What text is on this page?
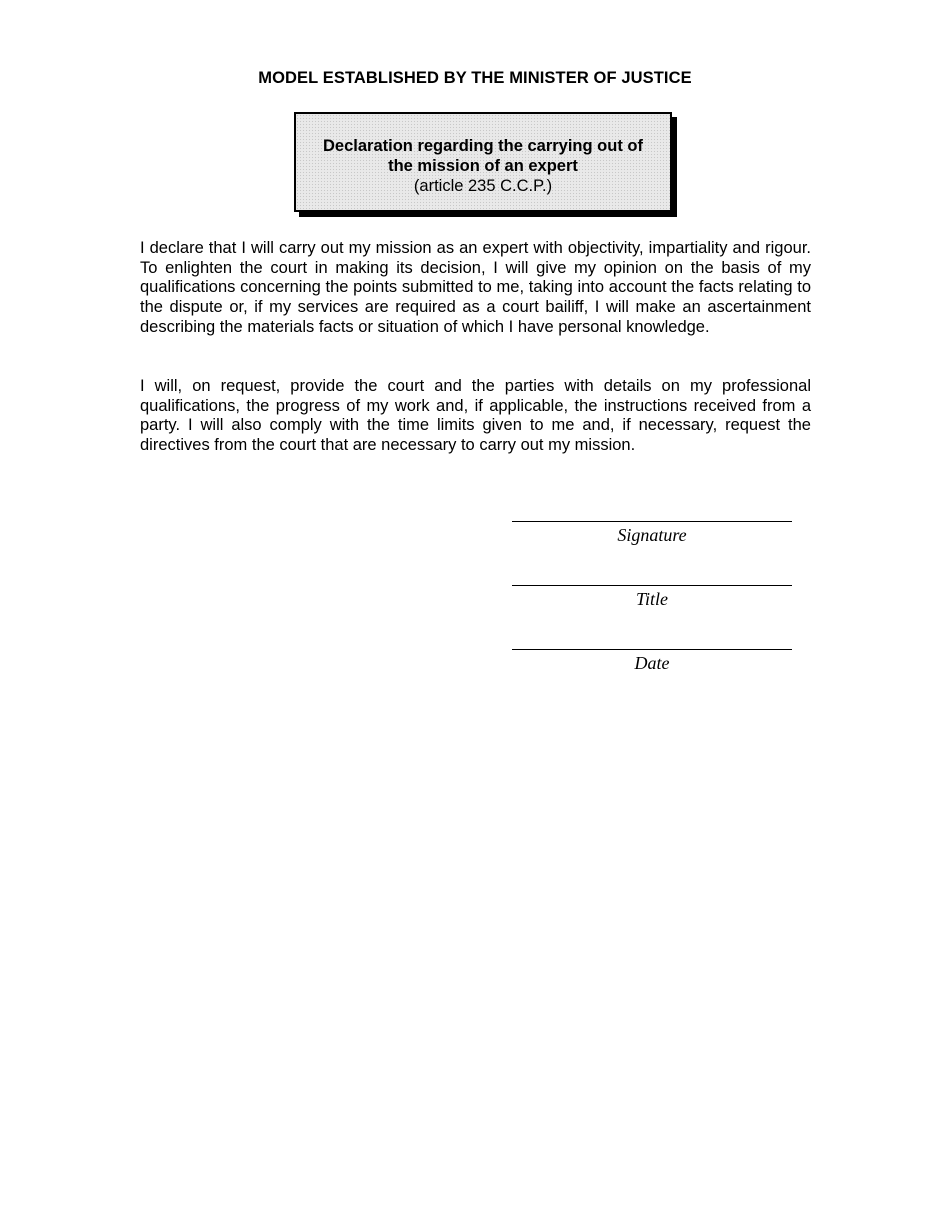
MODEL ESTABLISHED BY THE MINISTER OF JUSTICE
Declaration regarding the carrying out of
the mission of an expert
(article 235 C.C.P.)

I declare that I will carry out my mission as an expert with objectivity, impartiality and rigour. To enlighten the court in making its decision, I will give my opinion on the basis of my qualifications concerning the points submitted to me, taking into account the facts relating to the dispute or, if my services are required as a court bailiff, I will make an ascertainment describing the materials facts or situation of which I have personal knowledge.

I will, on request, provide the court and the parties with details on my professional qualifications, the progress of my work and, if applicable, the instructions received from a party. I will also comply with the time limits given to me and, if necessary, request the directives from the court that are necessary to carry out my mission.

Signature
Title
Date
